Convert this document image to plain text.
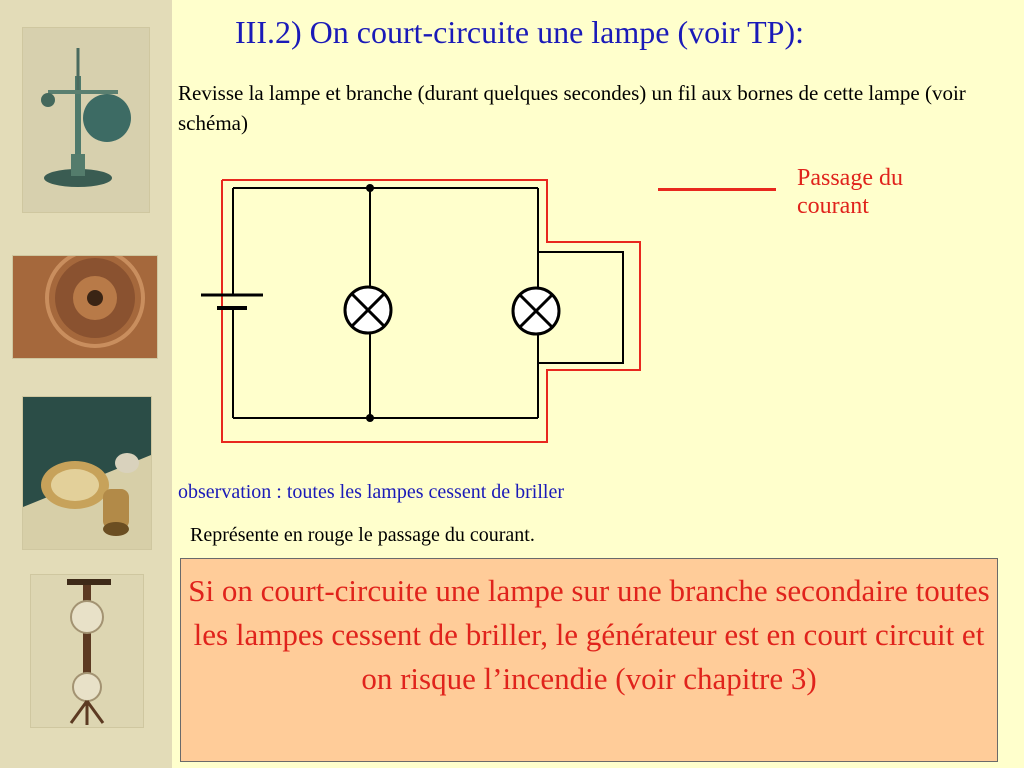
III.2) On court-circuite une lampe (voir TP):
Revisse la lampe et branche (durant quelques secondes) un fil aux bornes de cette lampe (voir schéma)
Passage du
courant
observation : toutes les lampes cessent de briller
Représente en rouge le passage du courant.
Si on court-circuite une lampe sur une branche secondaire toutes les lampes cessent de briller, le générateur est en court circuit et on risque l’incendie (voir chapitre 3)
